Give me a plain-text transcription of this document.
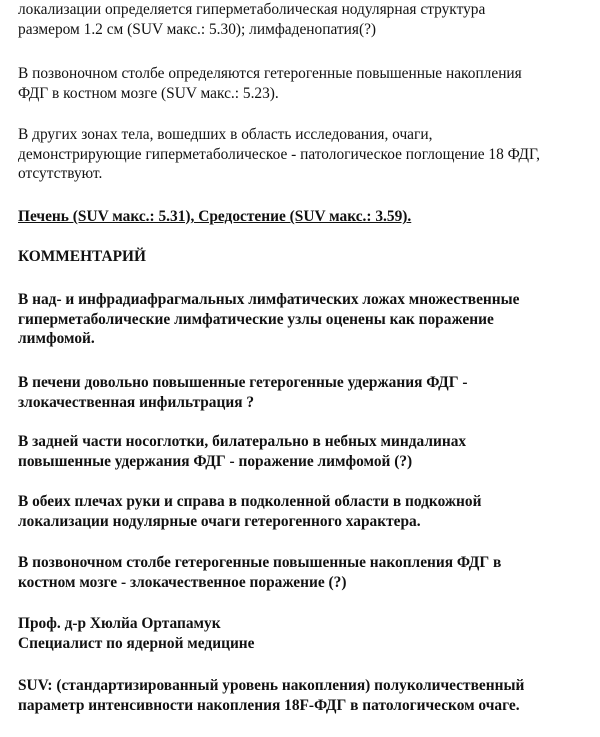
локализации определяется гиперметаболическая нодулярная структура
размером 1.2 см (SUV макс.: 5.30); лимфаденопатия(?)

В позвоночном столбе определяются гетерогенные повышенные накопления
ФДГ в костном мозге (SUV макс.: 5.23).

В других зонах тела, вошедших в область исследования, очаги,
демонстрирующие гиперметаболическое - патологическое поглощение 18 ФДГ,
отсутствуют.

Печень (SUV макс.: 5.31), Средостение (SUV макс.: 3.59).

КОММЕНТАРИЙ

В над- и инфрадиафрагмальных лимфатических ложах множественные
гиперметаболические лимфатические узлы оценены как поражение
лимфомой.

В печени довольно повышенные гетерогенные удержания ФДГ -
злокачественная инфильтрация ?

В задней части носоглотки, билатерально в небных миндалинах
повышенные удержания ФДГ - поражение лимфомой (?)

В обеих плечах руки и справа в подколенной области в подкожной
локализации нодулярные очаги гетерогенного характера.

В позвоночном столбе гетерогенные повышенные накопления ФДГ в
костном мозге - злокачественное поражение (?)

Проф. д-р Хюлйа Ортапамук
Специалист по ядерной медицине

SUV: (стандартизированный уровень накопления) полуколичественный
параметр интенсивности накопления 18F-ФДГ в патологическом очаге.
